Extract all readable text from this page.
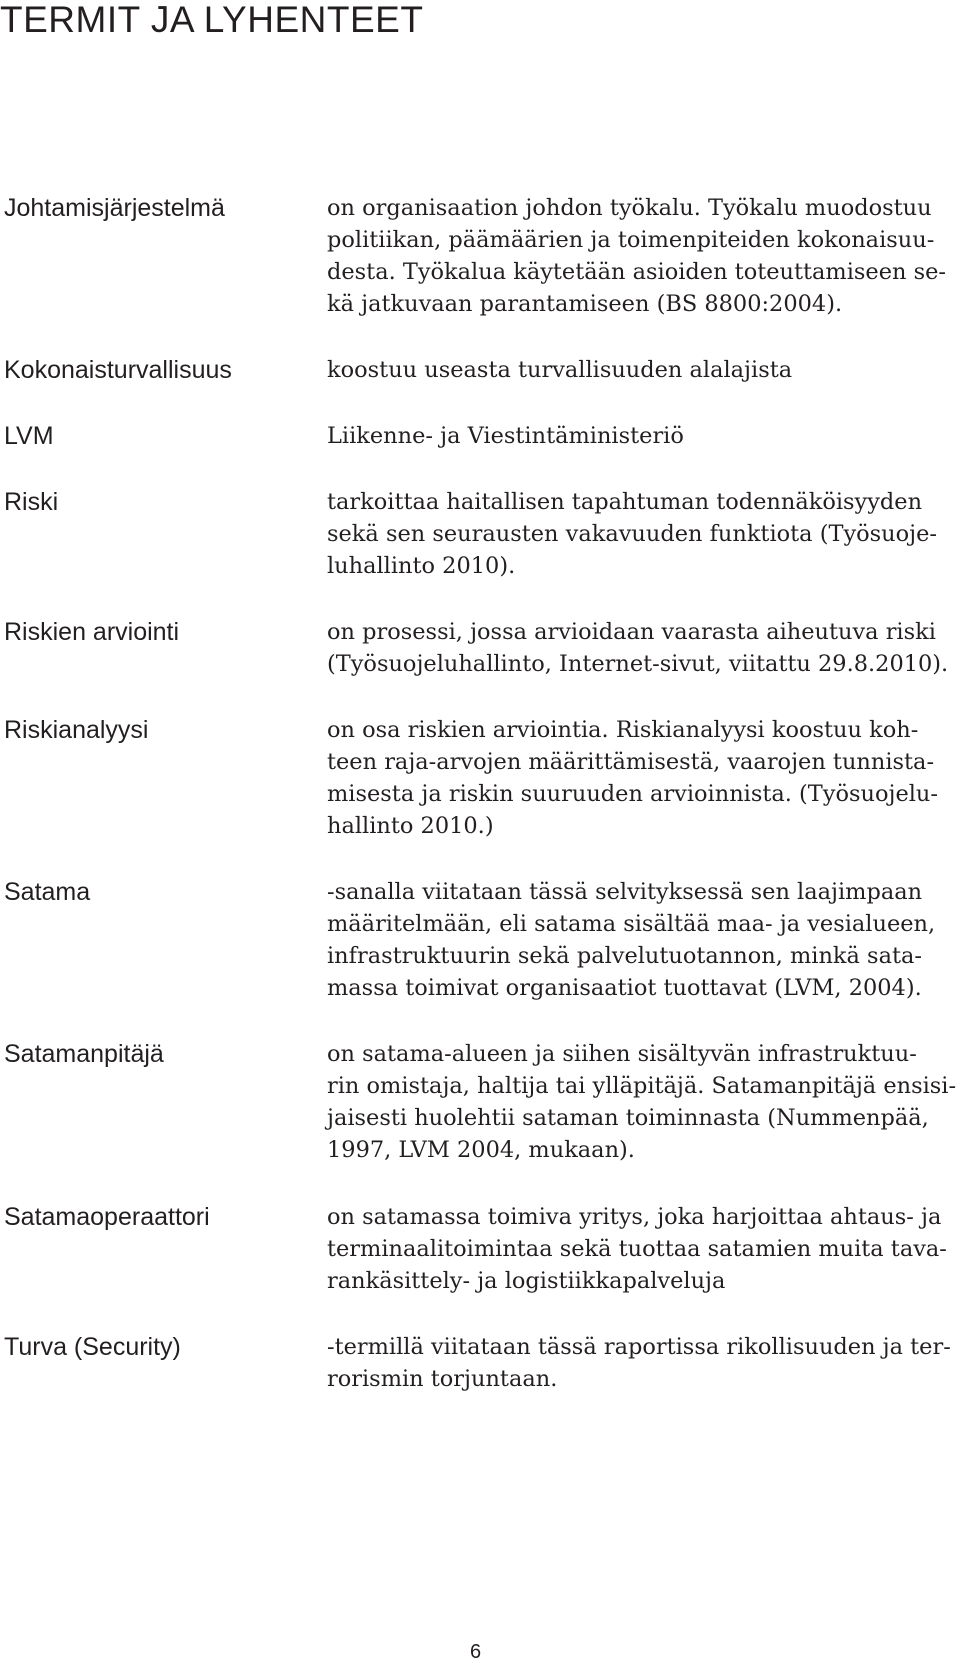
TERMIT JA LYHENTEET
Johtamisjärjestelmä	on organisaation johdon työkalu. Työkalu muodostuu
politiikan, päämäärien ja toimenpiteiden kokonaisuu-
desta. Työkalua käytetään asioiden toteuttamiseen se-
kä jatkuvaan parantamiseen (BS 8800:2004).

Kokonaisturvallisuus	koostuu useasta turvallisuuden alalajista

LVM	Liikenne- ja Viestintäministeriö

Riski	tarkoittaa haitallisen tapahtuman todennäköisyyden
sekä sen seurausten vakavuuden funktiota (Työsuoje-
luhallinto 2010).

Riskien arviointi	on prosessi, jossa arvioidaan vaarasta aiheutuva riski
(Työsuojeluhallinto, Internet-sivut, viitattu 29.8.2010).

Riskianalyysi	on osa riskien arviointia. Riskianalyysi koostuu koh-
teen raja-arvojen määrittämisestä, vaarojen tunnista-
misesta ja riskin suuruuden arvioinnista. (Työsuojelu-
hallinto 2010.)

Satama	-sanalla viitataan tässä selvityksessä sen laajimpaan
määritelmään, eli satama sisältää maa- ja vesialueen,
infrastruktuurin sekä palvelutuotannon, minkä sata-
massa toimivat organisaatiot tuottavat (LVM, 2004).

Satamanpitäjä	on satama-alueen ja siihen sisältyvän infrastruktuu-
rin omistaja, haltija tai ylläpitäjä. Satamanpitäjä ensisi-
jaisesti huolehtii sataman toiminnasta (Nummenpää,
1997, LVM 2004, mukaan).

Satamaoperaattori	on satamassa toimiva yritys, joka harjoittaa ahtaus- ja
terminaalitoimintaa sekä tuottaa satamien muita tava-
rankäsittely- ja logistiikkapalveluja

Turva (Security)	-termillä viitataan tässä raportissa rikollisuuden ja ter-
rorismin torjuntaan.

6
